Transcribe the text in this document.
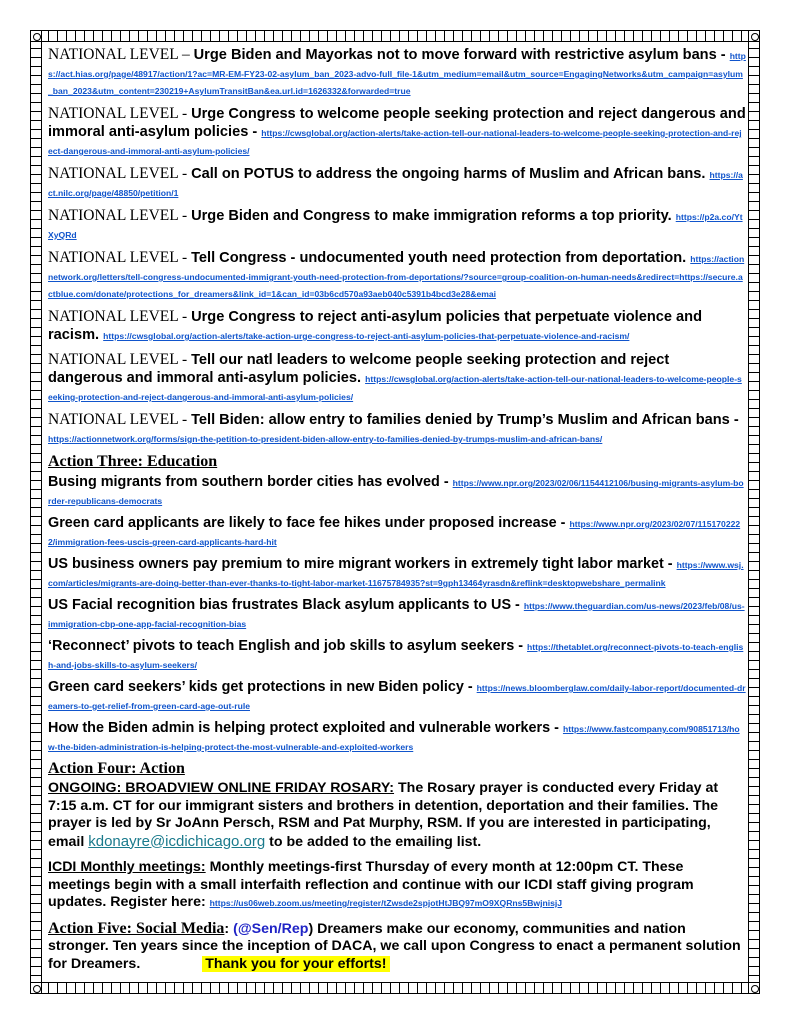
NATIONAL LEVEL – Urge Biden and Mayorkas not to move forward with restrictive asylum bans - https://act.hias.org/page/48917/action/1?ac=MR-EM-FY23-02-asylum_ban_2023-advo-full_file-1&utm_medium=email&utm_source=EngagingNetworks&utm_campaign=asylum_ban_2023&utm_content=230219+AsylumTransitBan&ea.url.id=1626332&forwarded=true
NATIONAL LEVEL - Urge Congress to welcome people seeking protection and reject dangerous and immoral anti-asylum policies - https://cwsglobal.org/action-alerts/take-action-tell-our-national-leaders-to-welcome-people-seeking-protection-and-reject-dangerous-and-immoral-anti-asylum-policies/
NATIONAL LEVEL - Call on POTUS to address the ongoing harms of Muslim and African bans. https://act.nilc.org/page/48850/petition/1
NATIONAL LEVEL - Urge Biden and Congress to make immigration reforms a top priority. https://p2a.co/YtXyQRd
NATIONAL LEVEL - Tell Congress - undocumented youth need protection from deportation. https://actionnetwork.org/letters/tell-congress-undocumented-immigrant-youth-need-protection-from-deportations/?source=group-coalition-on-human-needs&redirect=https://secure.actblue.com/donate/protections_for_dreamers&link_id=1&can_id=03b6cd570a93aeb040c5391b4bcd3e28&emai
NATIONAL LEVEL - Urge Congress to reject anti-asylum policies that perpetuate violence and racism. https://cwsglobal.org/action-alerts/take-action-urge-congress-to-reject-anti-asylum-policies-that-perpetuate-violence-and-racism/
NATIONAL LEVEL - Tell our natl leaders to welcome people seeking protection and reject dangerous and immoral anti-asylum policies. https://cwsglobal.org/action-alerts/take-action-tell-our-national-leaders-to-welcome-people-seeking-protection-and-reject-dangerous-and-immoral-anti-asylum-policies/
NATIONAL LEVEL - Tell Biden: allow entry to families denied by Trump’s Muslim and African bans - https://actionnetwork.org/forms/sign-the-petition-to-president-biden-allow-entry-to-families-denied-by-trumps-muslim-and-african-bans/
Action Three: Education
Busing migrants from southern border cities has evolved - https://www.npr.org/2023/02/06/1154412106/busing-migrants-asylum-border-republicans-democrats
Green card applicants are likely to face fee hikes under proposed increase - https://www.npr.org/2023/02/07/1151702222/immigration-fees-uscis-green-card-applicants-hard-hit
US business owners pay premium to mire migrant workers in extremely tight labor market - https://www.wsj.com/articles/migrants-are-doing-better-than-ever-thanks-to-tight-labor-market-11675784935?st=9gph13464yrasdn&reflink=desktopwebshare_permalink
US Facial recognition bias frustrates Black asylum applicants to US - https://www.theguardian.com/us-news/2023/feb/08/us-immigration-cbp-one-app-facial-recognition-bias
‘Reconnect’ pivots to teach English and job skills to asylum seekers - https://thetablet.org/reconnect-pivots-to-teach-english-and-jobs-skills-to-asylum-seekers/
Green card seekers’ kids get protections in new Biden policy - https://news.bloomberglaw.com/daily-labor-report/documented-dreamers-to-get-relief-from-green-card-age-out-rule
How the Biden admin is helping protect exploited and vulnerable workers - https://www.fastcompany.com/90851713/how-the-biden-administration-is-helping-protect-the-most-vulnerable-and-exploited-workers
Action Four: Action
ONGOING: BROADVIEW ONLINE FRIDAY ROSARY: The Rosary prayer is conducted every Friday at 7:15 a.m. CT for our immigrant sisters and brothers in detention, deportation and their families. The prayer is led by Sr JoAnn Persch, RSM and Pat Murphy, RSM. If you are interested in participating, email kdonayre@icdichicago.org to be added to the emailing list.
ICDI Monthly meetings: Monthly meetings-first Thursday of every month at 12:00pm CT. These meetings begin with a small interfaith reflection and continue with our ICDI staff giving program updates. Register here: https://us06web.zoom.us/meeting/register/tZwsde2spjotHtJBQ97mO9XQRns5BwjnisjJ
Action Five: Social Media: (@Sen/Rep) Dreamers make our economy, communities and nation stronger. Ten years since the inception of DACA, we call upon Congress to enact a permanent solution for Dreamers.	Thank you for your efforts!
